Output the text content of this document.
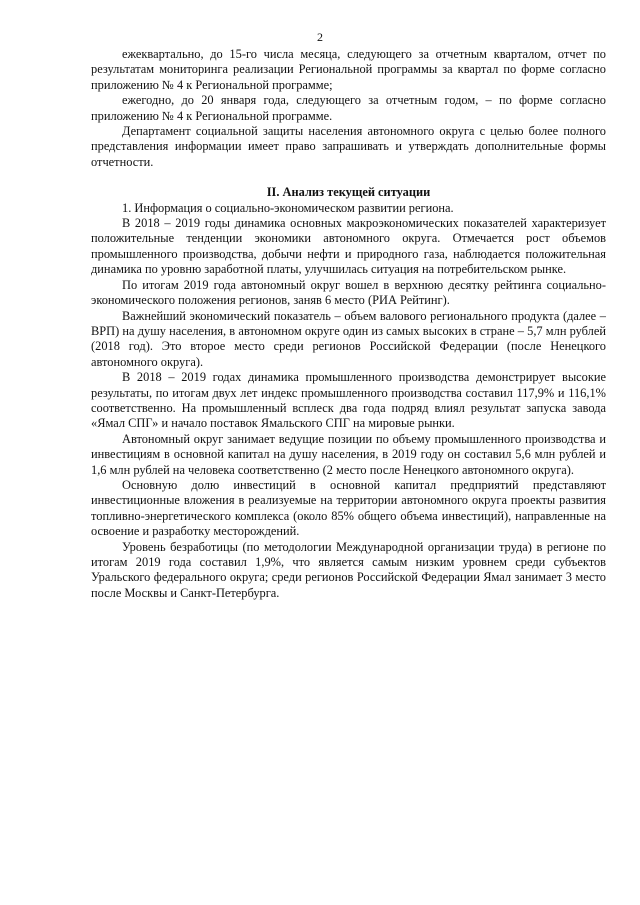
2

ежеквартально, до 15-го числа месяца, следующего за отчетным кварталом, отчет по результатам мониторинга реализации Региональной программы за квартал по форме согласно приложению № 4 к Региональной программе;

ежегодно, до 20 января года, следующего за отчетным годом, – по форме согласно приложению № 4 к Региональной программе.

Департамент социальной защиты населения автономного округа с целью более полного представления информации имеет право запрашивать и утверждать дополнительные формы отчетности.

II. Анализ текущей ситуации

1. Информация о социально-экономическом развитии региона.

В 2018 – 2019 годы динамика основных макроэкономических показателей характеризует положительные тенденции экономики автономного округа. Отмечается рост объемов промышленного производства, добычи нефти и природного газа, наблюдается положительная динамика по уровню заработной платы, улучшилась ситуация на потребительском рынке.

По итогам 2019 года автономный округ вошел в верхнюю десятку рейтинга социально-экономического положения регионов, заняв 6 место (РИА Рейтинг).

Важнейший экономический показатель – объем валового регионального продукта (далее – ВРП) на душу населения, в автономном округе один из самых высоких в стране – 5,7 млн рублей (2018 год). Это второе место среди регионов Российской Федерации (после Ненецкого автономного округа).

В 2018 – 2019 годах динамика промышленного производства демонстрирует высокие результаты, по итогам двух лет индекс промышленного производства составил 117,9% и 116,1% соответственно. На промышленный всплеск два года подряд влиял результат запуска завода «Ямал СПГ» и начало поставок Ямальского СПГ на мировые рынки.

Автономный округ занимает ведущие позиции по объему промышленного производства и инвестициям в основной капитал на душу населения, в 2019 году он составил 5,6 млн рублей и 1,6 млн рублей на человека соответственно (2 место после Ненецкого автономного округа).

Основную долю инвестиций в основной капитал предприятий представляют инвестиционные вложения в реализуемые на территории автономного округа проекты развития топливно-энергетического комплекса (около 85% общего объема инвестиций), направленные на освоение и разработку месторождений.

Уровень безработицы (по методологии Международной организации труда) в регионе по итогам 2019 года составил 1,9%, что является самым низким уровнем среди субъектов Уральского федерального округа; среди регионов Российской Федерации Ямал занимает 3 место после Москвы и Санкт-Петербурга.
